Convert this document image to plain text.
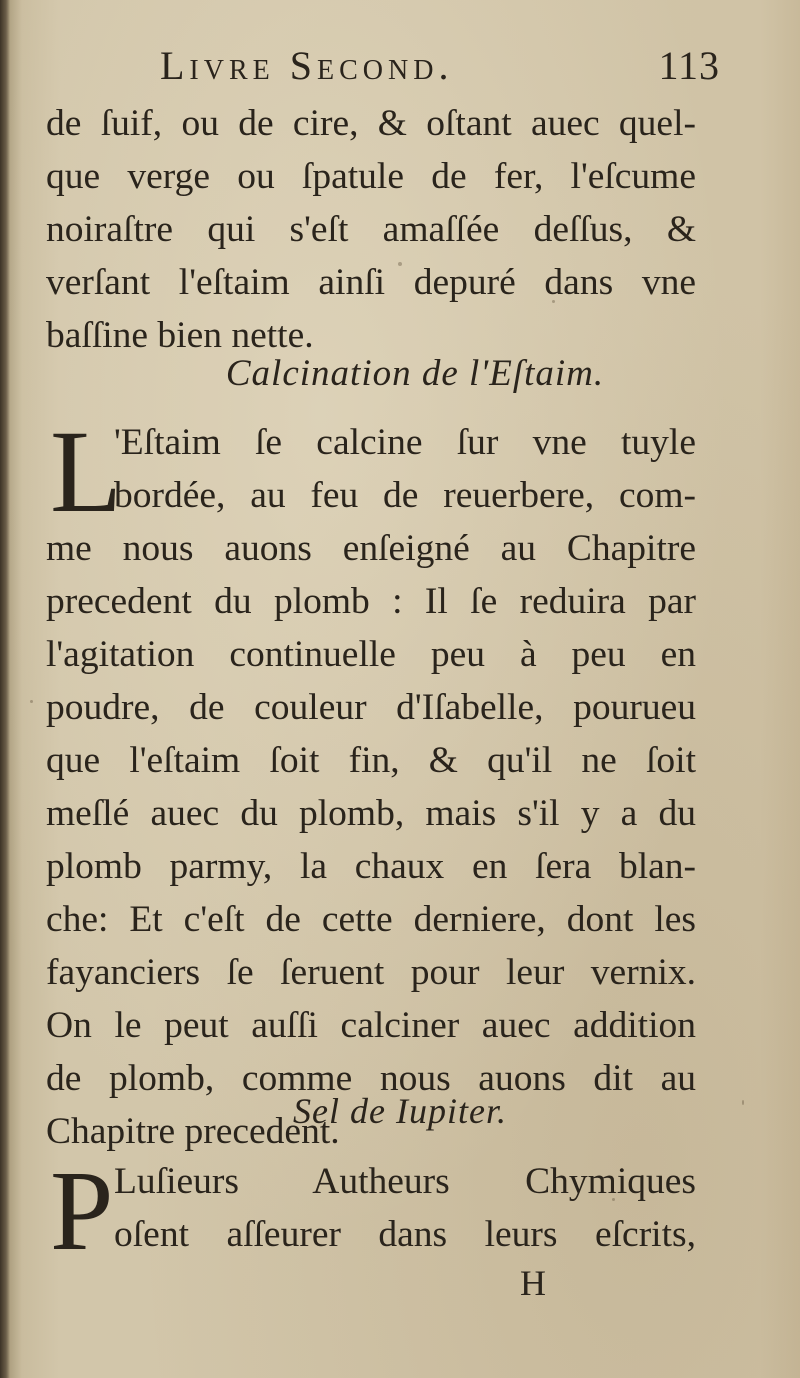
Livre Second.	113
de ſuif, ou de cire, & oſtant auec quel-
que verge ou ſpatule de fer, l'eſcume
noiraſtre qui s'eſt amaſſée deſſus, &
verſant l'eſtaim ainſi depuré dans vne
baſſine bien nette.
Calcination de l'Eſtaim.
L
'Eſtaim ſe calcine ſur vne tuyle
bordée, au feu de reuerbere, com-
me nous auons enſeigné au Chapitre
precedent du plomb : Il ſe reduira par
l'agitation continuelle peu à peu en
poudre, de couleur d'Iſabelle, pourueu
que l'eſtaim ſoit fin, & qu'il ne ſoit
meſlé auec du plomb, mais s'il y a du
plomb parmy, la chaux en ſera blan-
che: Et c'eſt de cette derniere, dont les
fayanciers ſe ſeruent pour leur vernix.
On le peut auſſi calciner auec addition
de plomb, comme nous auons dit au
Chapitre precedent.
Sel de Iupiter.
P Luſieurs Autheurs Chymiques
oſent aſſeurer dans leurs eſcrits,
H
